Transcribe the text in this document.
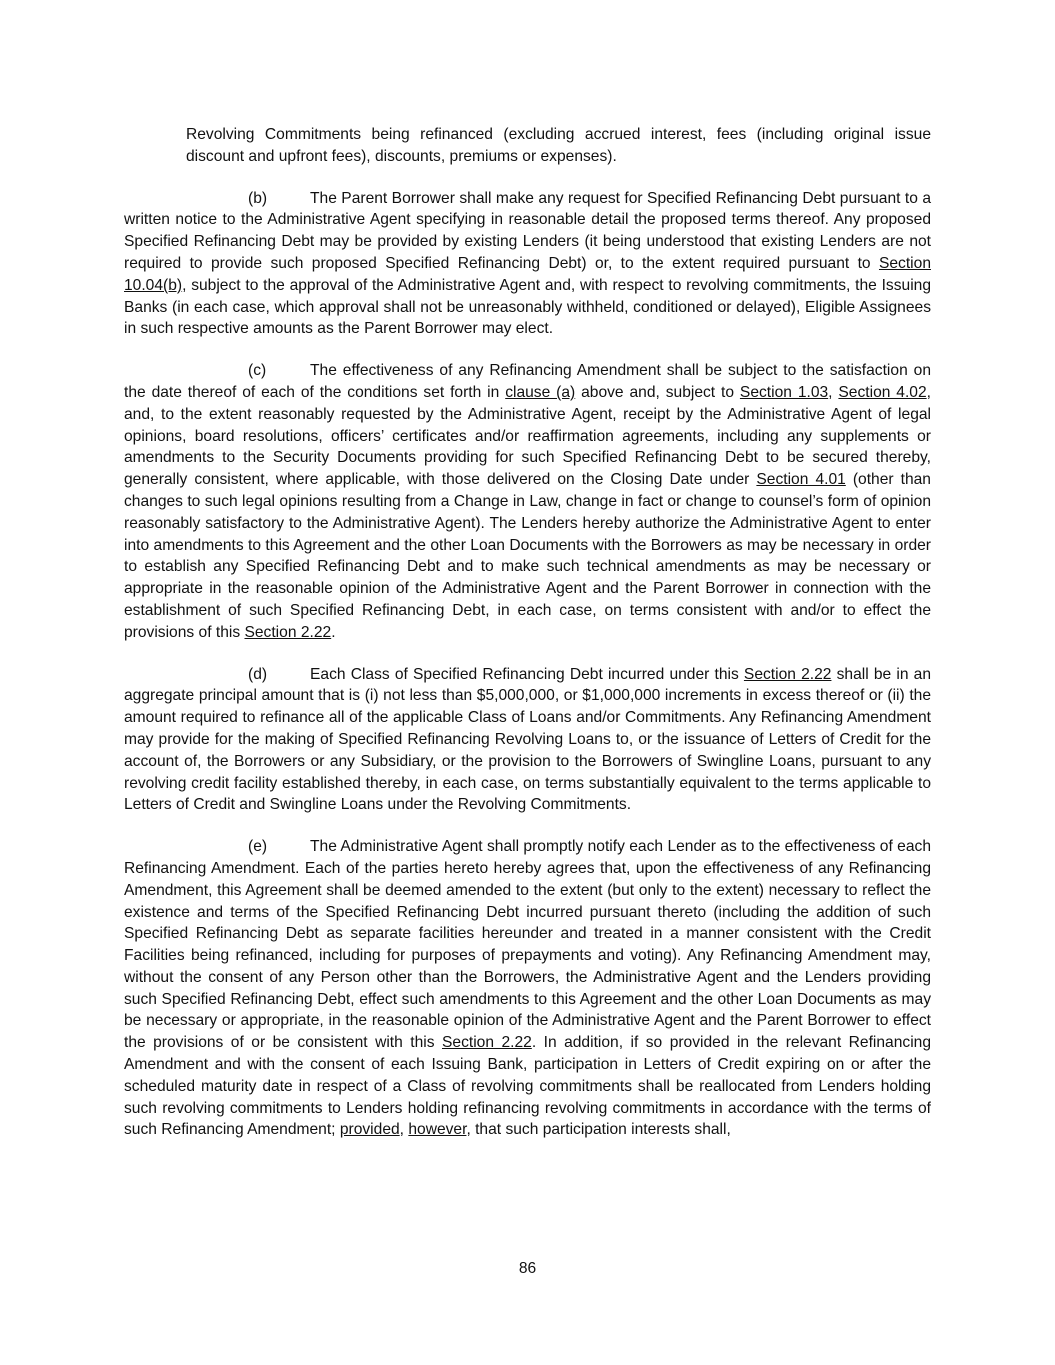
Revolving Commitments being refinanced (excluding accrued interest, fees (including original issue discount and upfront fees), discounts, premiums or expenses).

(b)	The Parent Borrower shall make any request for Specified Refinancing Debt pursuant to a written notice to the Administrative Agent specifying in reasonable detail the proposed terms thereof. Any proposed Specified Refinancing Debt may be provided by existing Lenders (it being understood that existing Lenders are not required to provide such proposed Specified Refinancing Debt) or, to the extent required pursuant to Section 10.04(b), subject to the approval of the Administrative Agent and, with respect to revolving commitments, the Issuing Banks (in each case, which approval shall not be unreasonably withheld, conditioned or delayed), Eligible Assignees in such respective amounts as the Parent Borrower may elect.

(c)	The effectiveness of any Refinancing Amendment shall be subject to the satisfaction on the date thereof of each of the conditions set forth in clause (a) above and, subject to Section 1.03, Section 4.02, and, to the extent reasonably requested by the Administrative Agent, receipt by the Administrative Agent of legal opinions, board resolutions, officers’ certificates and/or reaffirmation agreements, including any supplements or amendments to the Security Documents providing for such Specified Refinancing Debt to be secured thereby, generally consistent, where applicable, with those delivered on the Closing Date under Section 4.01 (other than changes to such legal opinions resulting from a Change in Law, change in fact or change to counsel’s form of opinion reasonably satisfactory to the Administrative Agent). The Lenders hereby authorize the Administrative Agent to enter into amendments to this Agreement and the other Loan Documents with the Borrowers as may be necessary in order to establish any Specified Refinancing Debt and to make such technical amendments as may be necessary or appropriate in the reasonable opinion of the Administrative Agent and the Parent Borrower in connection with the establishment of such Specified Refinancing Debt, in each case, on terms consistent with and/or to effect the provisions of this Section 2.22.

(d)	Each Class of Specified Refinancing Debt incurred under this Section 2.22 shall be in an aggregate principal amount that is (i) not less than $5,000,000, or $1,000,000 increments in excess thereof or (ii) the amount required to refinance all of the applicable Class of Loans and/or Commitments. Any Refinancing Amendment may provide for the making of Specified Refinancing Revolving Loans to, or the issuance of Letters of Credit for the account of, the Borrowers or any Subsidiary, or the provision to the Borrowers of Swingline Loans, pursuant to any revolving credit facility established thereby, in each case, on terms substantially equivalent to the terms applicable to Letters of Credit and Swingline Loans under the Revolving Commitments.

(e)	The Administrative Agent shall promptly notify each Lender as to the effectiveness of each Refinancing Amendment. Each of the parties hereto hereby agrees that, upon the effectiveness of any Refinancing Amendment, this Agreement shall be deemed amended to the extent (but only to the extent) necessary to reflect the existence and terms of the Specified Refinancing Debt incurred pursuant thereto (including the addition of such Specified Refinancing Debt as separate facilities hereunder and treated in a manner consistent with the Credit Facilities being refinanced, including for purposes of prepayments and voting). Any Refinancing Amendment may, without the consent of any Person other than the Borrowers, the Administrative Agent and the Lenders providing such Specified Refinancing Debt, effect such amendments to this Agreement and the other Loan Documents as may be necessary or appropriate, in the reasonable opinion of the Administrative Agent and the Parent Borrower to effect the provisions of or be consistent with this Section 2.22. In addition, if so provided in the relevant Refinancing Amendment and with the consent of each Issuing Bank, participation in Letters of Credit expiring on or after the scheduled maturity date in respect of a Class of revolving commitments shall be reallocated from Lenders holding such revolving commitments to Lenders holding refinancing revolving commitments in accordance with the terms of such Refinancing Amendment; provided, however, that such participation interests shall,

86
